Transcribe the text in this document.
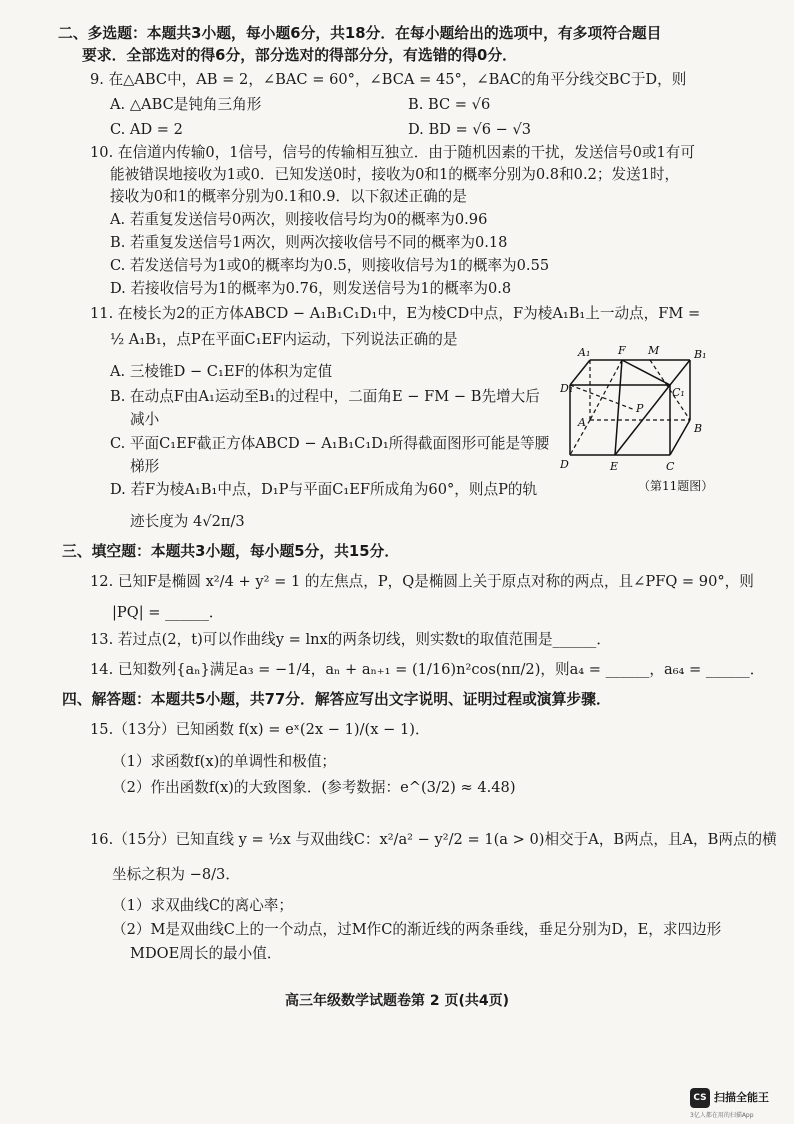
二、多选题：本题共3小题，每小题6分，共18分．在每小题给出的选项中，有多项符合题目
要求．全部选对的得6分，部分选对的得部分分，有选错的得0分．
9. 在△ABC中，AB = 2，∠BAC = 60°，∠BCA = 45°，∠BAC的角平分线交BC于D，则
A. △ABC是钝角三角形	B. BC = √6
C. AD = 2	D. BD = √6 − √3
10. 在信道内传输0，1信号，信号的传输相互独立．由于随机因素的干扰，发送信号0或1有可
能被错误地接收为1或0．已知发送0时，接收为0和1的概率分别为0.8和0.2；发送1时，
接收为0和1的概率分别为0.1和0.9．以下叙述正确的是
A. 若重复发送信号0两次，则接收信号均为0的概率为0.96
B. 若重复发送信号1两次，则两次接收信号不同的概率为0.18
C. 若发送信号为1或0的概率均为0.5，则接收信号为1的概率为0.55
D. 若接收信号为1的概率为0.76，则发送信号为1的概率为0.8
11. 在棱长为2的正方体ABCD − A₁B₁C₁D₁中，E为棱CD中点，F为棱A₁B₁上一动点，FM =
½ A₁B₁，点P在平面C₁EF内运动，下列说法正确的是
A. 三棱锥D − C₁EF的体积为定值
B. 在动点F由A₁运动至B₁的过程中，二面角E − FM − B先增大后
减小
C. 平面C₁EF截正方体ABCD − A₁B₁C₁D₁所得截面图形可能是等腰
梯形
D. 若F为棱A₁B₁中点，D₁P与平面C₁EF所成角为60°，则点P的轨
迹长度为 4√2π/3
A₁	F M	B₁
D₁	C₁
P
A	B
D	E	C
（第11题图）
三、填空题：本题共3小题，每小题5分，共15分．
12. 已知F是椭圆 x²/4 + y² = 1 的左焦点，P，Q是椭圆上关于原点对称的两点，且∠PFQ = 90°，则
|PQ| = ______．
13. 若过点(2，t)可以作曲线y = lnx的两条切线，则实数t的取值范围是______．
14. 已知数列{aₙ}满足a₃ = −1/4，aₙ + aₙ₊₁ = (1/16)n²cos(nπ/2)，则a₄ = ______，a₆₄ = ______．
四、解答题：本题共5小题，共77分．解答应写出文字说明、证明过程或演算步骤．
15.（13分）已知函数 f(x) = eˣ(2x − 1)/(x − 1)．
（1）求函数f(x)的单调性和极值；
（2）作出函数f(x)的大致图象．(参考数据：e^(3/2) ≈ 4.48)
16.（15分）已知直线 y = ½x 与双曲线C：x²/a² − y²/2 = 1(a > 0)相交于A，B两点，且A，B两点的横
坐标之积为 −8/3．
（1）求双曲线C的离心率；
（2）M是双曲线C上的一个动点，过M作C的渐近线的两条垂线，垂足分别为D，E，求四边形
MDOE周长的最小值．
高三年级数学试题卷第 2 页(共4页)
CS 扫描全能王
3亿人都在用的扫描App
